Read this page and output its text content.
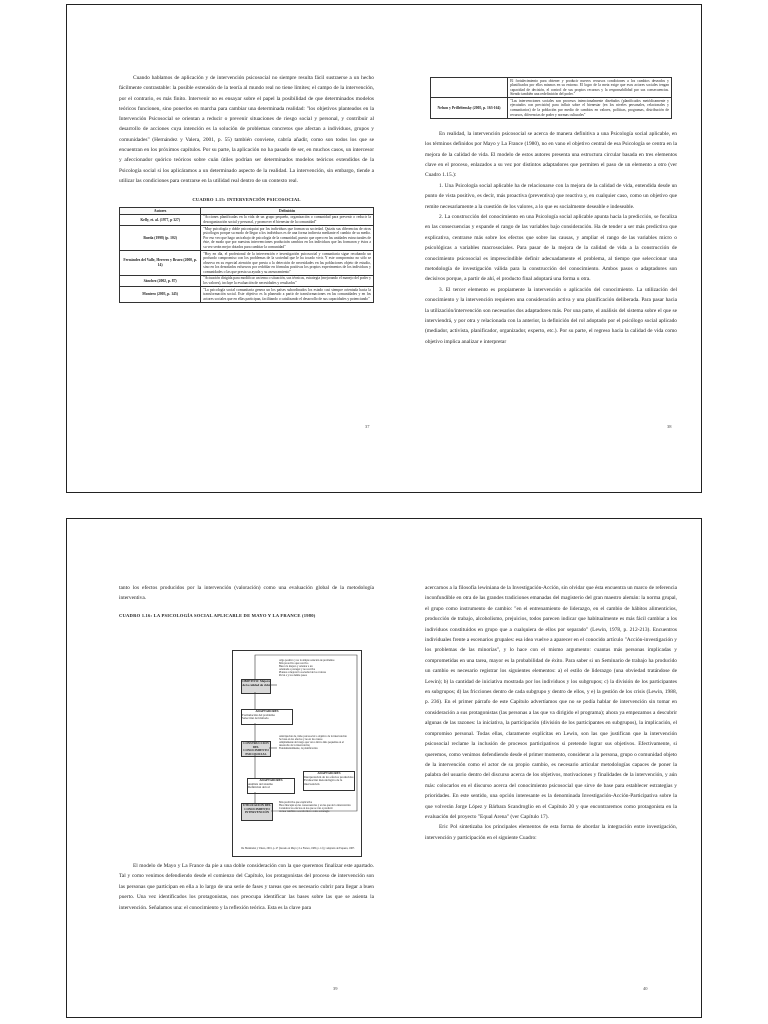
Cuando hablamos de aplicación y de intervención psicosocial no siempre resulta fácil sustraerse a un hecho fácilmente contrastable: la posible extensión de la teoría al mundo real no tiene límites; el campo de la intervención, por el contrario, es más finito. Intervenir no es ensayar sobre el papel la posibilidad de que determinados modelos teóricos funcionen, sino ponerlos en marcha para cambiar una determinada realidad: "los objetivos planteados en la Intervención Psicosocial se orientan a reducir o prevenir situaciones de riesgo social y personal, y contribuir al desarrollo de acciones cuya intención es la solución de problemas concretos que afectan a individuos, grupos y comunidades" (Hernández y Valera, 2001, p. 55) también conviene, cabría añadir, como son todos los que se encuentran en los próximos capítulos. Por su parte, la aplicación no ha pasado de ser, en muchos casos, un intercesor y afeccionador quórico teóricos sobre cuán útiles podrían ser determinados modelos teóricos extendidos de la Psicología social si los aplicáramos a un determinado aspecto de la realidad. La intervención, sin embargo, tiende a utilizar las condiciones para centrarse en la utilidad real dentro de un contexto real.

CUADRO 1.15: INTERVENCIÓN PSICOSOCIAL
Autores	Definición
Kelly, et. al. (1977, p 327)	"Acciones planificadas en la vida de un grupo pequeño, organización o comunidad para prevenir o reducir la desorganización social y personal, y promover el bienestar de la comunidad"
Bueda (1998) (p. 102)	"Muy psicología y doble psicosiquiat por los individuos que forman su sociedad. Quizás sus diferencias de otros psicólogos porque su modo de llegar a los individuos es de una forma indirecta mediante el cambio de su medio. Por eso veo que hago un trabajo de psicología de la comunidad, puesto que opero en las unidades estructurales de éste, de modo que por nuestras intervenciones producirán cambios en los individuos que las formaron y éstos a su vez serán mejor dotados para cambiar la comunidad"
Fernández del Valle, Herrero y Bravo (2000, p. 14)	"Hoy en día, el profesional de la intervención e investigación psicosocial y comunitaria sigue recabando un profundo compromiso con los problemas de la sociedad que le ha tocado vivir. Y este compromiso no sólo se observa en su especial atención que presta a la detección de necesidades en las poblaciones objeto de estudio, sino en los denodados esfuerzos por redoblar en fórmulas positivas los propios experimentos de los individuos y comunidades o las que presta su ayuda y su asesoramiento"
Sánchez (2002, p. 87)	"Actuación dirigida para modificar un tema o situación, sus técnicas, estrategia (mejorando el manejo del poder y los valores), incluye la evaluación de necesidades y resultados"
Montero (2003, p. 145)	"La psicología social comunitaria genera un los países subordinados los estado casi siempre orientada hacia la transformación social. Este objetivo es la planeado a partir de transformaciones en las comunidades y en los actores sociales que en ellas participan, facilitando o catalizando el desarrollo de sus capacidades y potenciando"
37
	El fortalecimiento para obtener y producir nuevos recursos condiciones a los cambios deseados y planificados por ellos mismos en su entorno. El logro de la meta exige que esos actores sociales tengan capacidad de decisión, el control de sus propios recursos y la responsabilidad por sus consecuencias. Siendo también una redefinición del poder."
Nelson y Prilleltensky (2005, p. 163-164)	"Las intervenciones sociales son procesos intencionalmente diseñados (planificados metódicamente y ejecutados con precisión) para influir sobre el bienestar (en los niveles personales, relacionales y comunitarios) de la población por medio de cambios en valores, políticas, programas, distribución de recursos, diferencias de poder y normas culturales"

En realidad, la intervención psicosocial se acerca de manera definitiva a una Psicología social aplicable, en los términos definidos por Mayo y La France (1980), no en vano el objetivo central de esa Psicología se centra en la mejora de la calidad de vida. El modelo de estos autores presenta una estructura circular basada en tres elementos clave en el proceso, enlazados a su vez por distintos adaptadores que permiten el paso de un elemento a otro (ver Cuadro 1.15.):

1. Una Psicología social aplicable ha de relacionarse con la mejora de la calidad de vida, entendida desde un punto de vista positivo, es decir, más proactiva (preventiva) que reactiva y, en cualquier caso, como un objetivo que remite necesariamente a la cuestión de los valores, a lo que es socialmente deseable e indeseable.

2. La construcción del conocimiento en una Psicología social aplicable apunta hacia la predicción, se focaliza en las consecuencias y expande el rango de las variables bajo consideración. Ha de tender a ser más predictiva que explicativa, centrarse más sobre los efectos que sobre las causas, y ampliar el rango de las variables micro o psicológicas a variables macrosociales. Para pasar de la mejora de la calidad de vida a la construcción de conocimiento psicosocial es imprescindible definir adecuadamente el problema, al tiempo que seleccionar una metodología de investigación válida para la construcción del conocimiento. Ambos pasos o adaptadores son decisivos porque, a partir de ahí, el producto final adoptará una forma u otra.

3. El tercer elemento es propiamente la intervención o aplicación del conocimiento. La utilización del conocimiento y la intervención requieren una consideración activa y una planificación deliberada. Para pasar hacia la utilización/intervención son necesarios dos adaptadores más. Por una parte, el análisis del sistema sobre el que se interviendrá, y por otra y relacionada con la anterior, la definición del rol adoptado por el psicólogo social aplicado (mediador, activista, planificador, organizador, experto, etc.). Por su parte, el regreso hacia la calidad de vida como objetivo implica analizar e interpretar

38

tanto los efectos producidos por la intervención (valoración) como una evaluación global de la metodología interventiva.

CUADRO 1.16: LA PSICOLOGÍA SOCIAL APLICABLE DE MAYO Y LA FRANCE (1980)
OBJETIVO: Mejora de la calidad de vida
Algo positivo y no la simple solución de problemas
Más proactivo que reactivo
Busca la mejora y orientar a un
orientada a proteger y no reactiva
Plantea a mejorar la sociedad de los valores
Prevé a y los demás pasos
ADAPTADORES
Formulación del problema
Selección del método
CONSTRUCCIÓN DEL CONOCIMIENTO PSICOSOCIAL
Anticipación de cómo psicosocial o objetivo de la intervención
Se basa en los efectos y no en las causas
Ampliamente del rango que van a micro más pequeñas en el desarrollo de la intervención
Fundamentalmente, la planificación
ADAPTADORES
Interpretación de los efectos producidos
Evaluación metodológica de la intervención
ADAPTADORES
Análisis del sistema
Definición del rol
UTILIZACIÓN DEL CONOCIMIENTO INTERVENCIÓN
Más predictiva que explicativa
Hace hincapié en las consecuencias y en las que de la intervención
Considera los efectos en los que se van a producir
Actuar también a escala micro como estrategia
De Hernández y Valera, 2001, p. 47 (basado en Mayo y La France, 1980, p. 12) y adaptado de Esquera, 1987.

El modelo de Mayo y La France da pie a una doble consideración con la que queremos finalizar este apartado. Tal y como venimos defendiendo desde el comienzo del Capítulo, los protagonistas del proceso de intervención son las personas que participan en ella a lo largo de una serie de fases y tareas que es necesario cubrir para llegar a buen puerto. Una vez identificados los protagonistas, nos preocupa identificar las bases sobre las que se asienta la intervención. Señalamos una: el conocimiento y la reflexión teórica. Esta es la clave para

39

acercarnos a la filosofía lewiniana de la Investigación-Acción, sin olvidar que ésta encuentra un marco de referencia inconfundible en otra de las grandes tradiciones emanadas del magisterio del gran maestro alemán: la norma grupal, el grupo como instrumento de cambio: "en el entrenamiento de liderazgo, en el cambio de hábitos alimenticios, producción de trabajo, alcoholismo, prejuicios, todos parecen indicar que habitualmente es más fácil cambiar a los individuos constituidos en grupo que a cualquiera de ellos por separado" (Lewin, 1978, p. 212-213). Encuentros individuales frente a escenarios grupales: esa idea vuelve a aparecer en el conocido artículo "Acción-investigación y los problemas de las minorías", y lo hace con el mismo argumento: cuantas más personas implicadas y comprometidas en una tarea, mayor es la probabilidad de éxito. Para saber si un Seminario de trabajo ha producido un cambio es necesario registrar los siguientes elementos: a) el estilo de liderazgo (una obviedad tratándose de Lewin); b) la cantidad de iniciativa mostrada por los individuos y los subgrupos; c) la división de los participantes en subgrupos; d) las fricciones dentro de cada subgrupo y dentro de ellos, y e) la gestión de los crisis (Lewin, 1988, p. 236). En el primer párrafo de este Capítulo advertíamos que no se podía hablar de intervención sin tomar en consideración a sus protagonistas (las personas a las que va dirigido el programa); ahora ya empezamos a descubrir algunas de las razones: la iniciativa, la participación (división de los participantes en subgrupos), la implicación, el compromiso personal. Todas ellas, claramente explícitas en Lewin, son las que justifican que la intervención psicosocial reclame la inclusión de procesos participativos si pretende lograr sus objetivos. Efectivamente, si queremos, como venimos defendiendo desde el primer momento, considerar a la persona, grupo o comunidad objeto de la intervención como el actor de su propio cambio, es necesario articular metodologías capaces de poner la palabra del usuario dentro del discurso acerca de los objetivos, motivaciones y finalidades de la intervención, y aún más: colocarlos en el discurso acerca del conocimiento psicosocial que sirve de base para establecer estrategias y prioridades. En este sentido, una opción interesante es la denominada Investigación-Acción-Participativa sobre la que volverán Jorge López y Bárbara Scandroglio en el Capítulo 20 y que encontraremos como protagonista en la evaluación del proyecto "Equal Arena" (ver Capítulo 17).

Eric Pol sintetizaba los principales elementos de esta forma de abordar la integración entre investigación, intervención y participación en el siguiente Cuadro:

40
